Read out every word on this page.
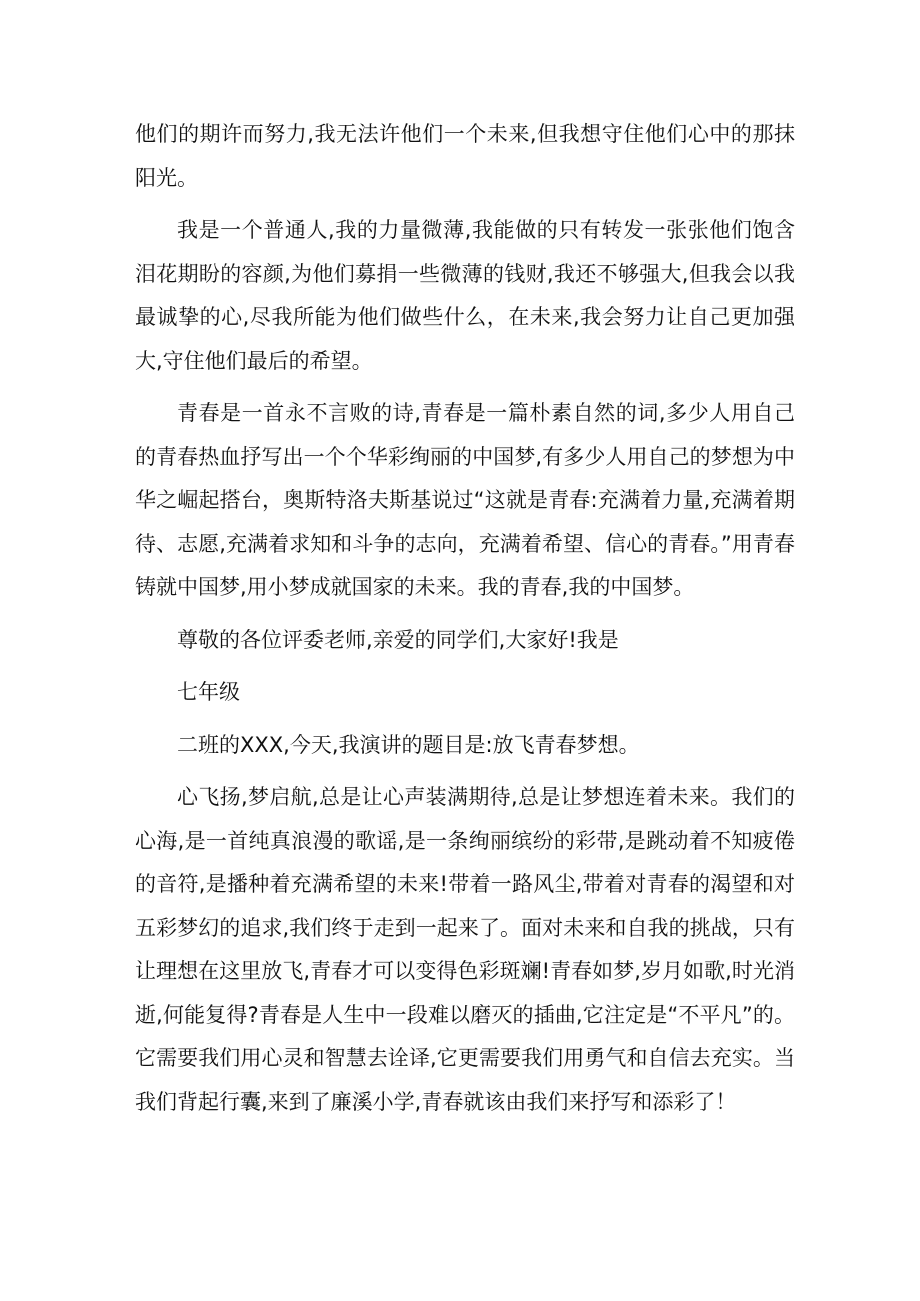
他们的期许而努力,我无法许他们一个未来,但我想守住他们心中的那抹阳光。

我是一个普通人,我的力量微薄,我能做的只有转发一张张他们饱含泪花期盼的容颜,为他们募捐一些微薄的钱财,我还不够强大,但我会以我最诚挚的心,尽我所能为他们做些什么，在未来,我会努力让自己更加强大,守住他们最后的希望。

青春是一首永不言败的诗,青春是一篇朴素自然的词,多少人用自己的青春热血抒写出一个个华彩绚丽的中国梦,有多少人用自己的梦想为中华之崛起搭台，奥斯特洛夫斯基说过“这就是青春:充满着力量,充满着期待、志愿,充满着求知和斗争的志向，充满着希望、信心的青春。”用青春铸就中国梦,用小梦成就国家的未来。我的青春,我的中国梦。

尊敬的各位评委老师,亲爱的同学们,大家好!我是

七年级

二班的XXX,今天,我演讲的题目是:放飞青春梦想。

心飞扬,梦启航,总是让心声装满期待,总是让梦想连着未来。我们的心海,是一首纯真浪漫的歌谣,是一条绚丽缤纷的彩带,是跳动着不知疲倦的音符,是播种着充满希望的未来!带着一路风尘,带着对青春的渴望和对五彩梦幻的追求,我们终于走到一起来了。面对未来和自我的挑战，只有让理想在这里放飞,青春才可以变得色彩斑斓!青春如梦,岁月如歌,时光消逝,何能复得?青春是人生中一段难以磨灭的插曲,它注定是“不平凡”的。它需要我们用心灵和智慧去诠译,它更需要我们用勇气和自信去充实。当我们背起行囊,来到了廉溪小学,青春就该由我们来抒写和添彩了！
